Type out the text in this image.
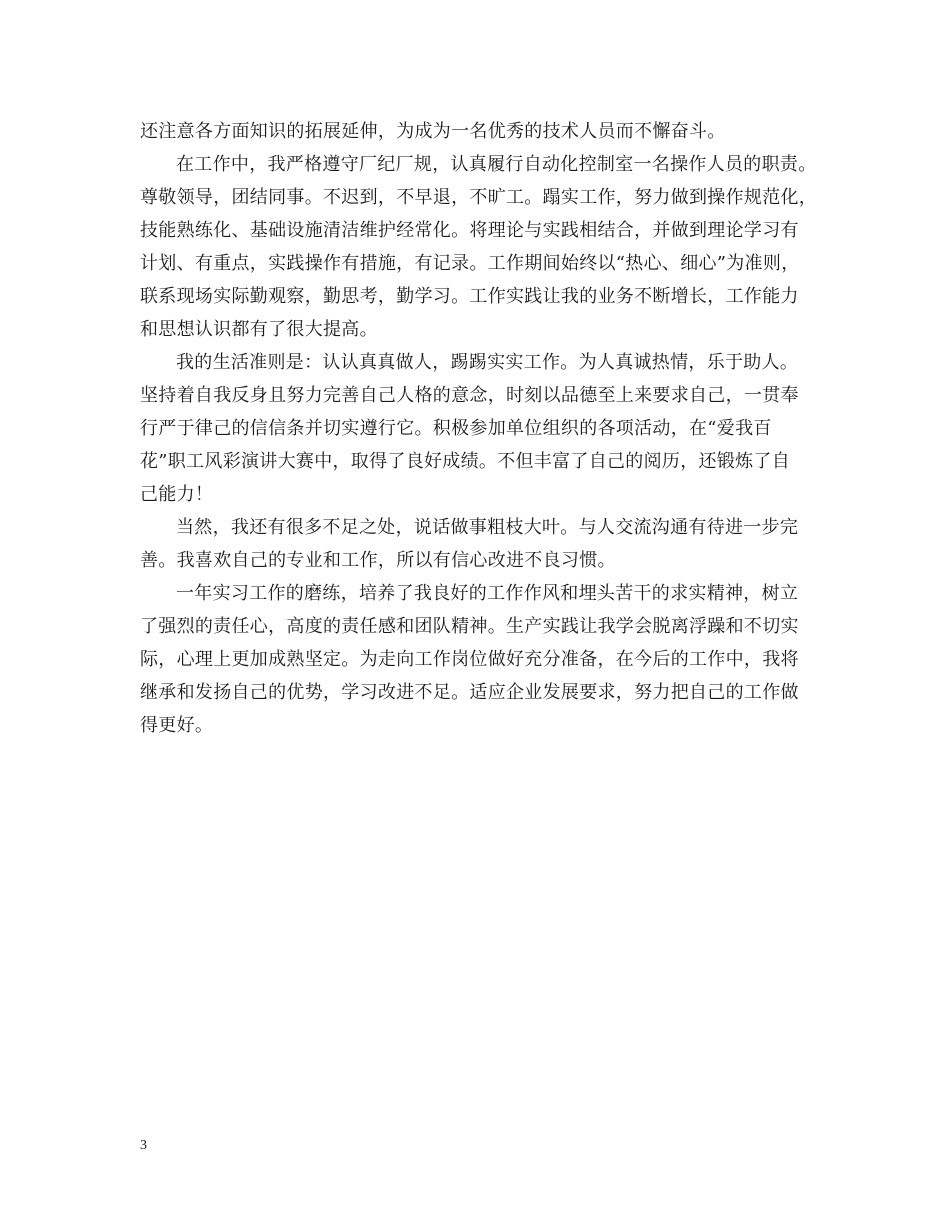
还注意各方面知识的拓展延伸，为成为一名优秀的技术人员而不懈奋斗。
在工作中，我严格遵守厂纪厂规，认真履行自动化控制室一名操作人员的职责。
尊敬领导，团结同事。不迟到，不早退，不旷工。蹋实工作，努力做到操作规范化，
技能熟练化、基础设施清洁维护经常化。将理论与实践相结合，并做到理论学习有
计划、有重点，实践操作有措施，有记录。工作期间始终以“热心、细心”为准则，
联系现场实际勤观察，勤思考，勤学习。工作实践让我的业务不断增长，工作能力
和思想认识都有了很大提高。
我的生活准则是：认认真真做人，踢踢实实工作。为人真诚热情，乐于助人。
坚持着自我反身且努力完善自己人格的意念，时刻以品德至上来要求自己，一贯奉
行严于律己的信信条并切实遵行它。积极参加单位组织的各项活动，在“爱我百
花”职工风彩演讲大赛中，取得了良好成绩。不但丰富了自己的阅历，还锻炼了自
己能力！
当然，我还有很多不足之处，说话做事粗枝大叶。与人交流沟通有待进一步完
善。我喜欢自己的专业和工作，所以有信心改进不良习惯。
一年实习工作的磨练，培养了我良好的工作作风和埋头苦干的求实精神，树立
了强烈的责任心，高度的责任感和团队精神。生产实践让我学会脱离浮躁和不切实
际，心理上更加成熟坚定。为走向工作岗位做好充分准备，在今后的工作中，我将
继承和发扬自己的优势，学习改进不足。适应企业发展要求，努力把自己的工作做
得更好。
3
